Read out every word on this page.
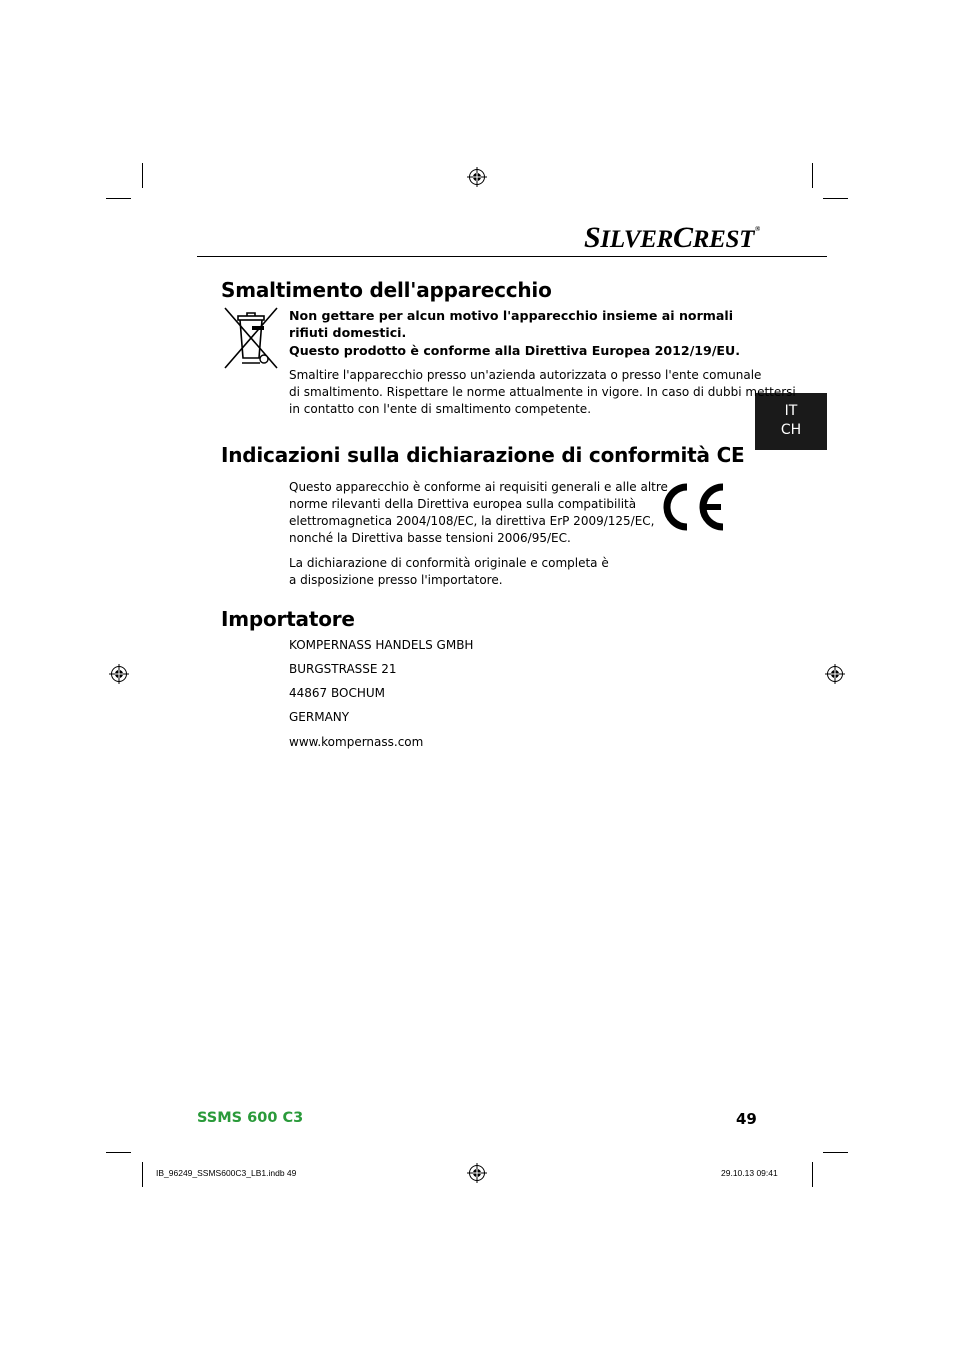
SILVERCREST®
IT
CH
Smaltimento dell'apparecchio
Non gettare per alcun motivo l'apparecchio insieme ai normali
rifiuti domestici.
Questo prodotto è conforme alla Direttiva Europea 2012/19/EU.
Smaltire l'apparecchio presso un'azienda autorizzata o presso l'ente comunale
di smaltimento. Rispettare le norme attualmente in vigore. In caso di dubbi mettersi
in contatto con l'ente di smaltimento competente.
Indicazioni sulla dichiarazione di conformità CE
Questo apparecchio è conforme ai requisiti generali e alle altre
norme rilevanti della Direttiva europea sulla compatibilità
elettromagnetica 2004/108/EC, la direttiva ErP 2009/125/EC,
nonché la Direttiva basse tensioni 2006/95/EC.
La dichiarazione di conformità originale e completa è
a disposizione presso l'importatore.
Importatore
KOMPERNASS HANDELS GMBH
BURGSTRASSE 21
44867 BOCHUM
GERMANY
www.kompernass.com
SSMS 600 C3	49
IB_96249_SSMS600C3_LB1.indb 49	29.10.13 09:41
